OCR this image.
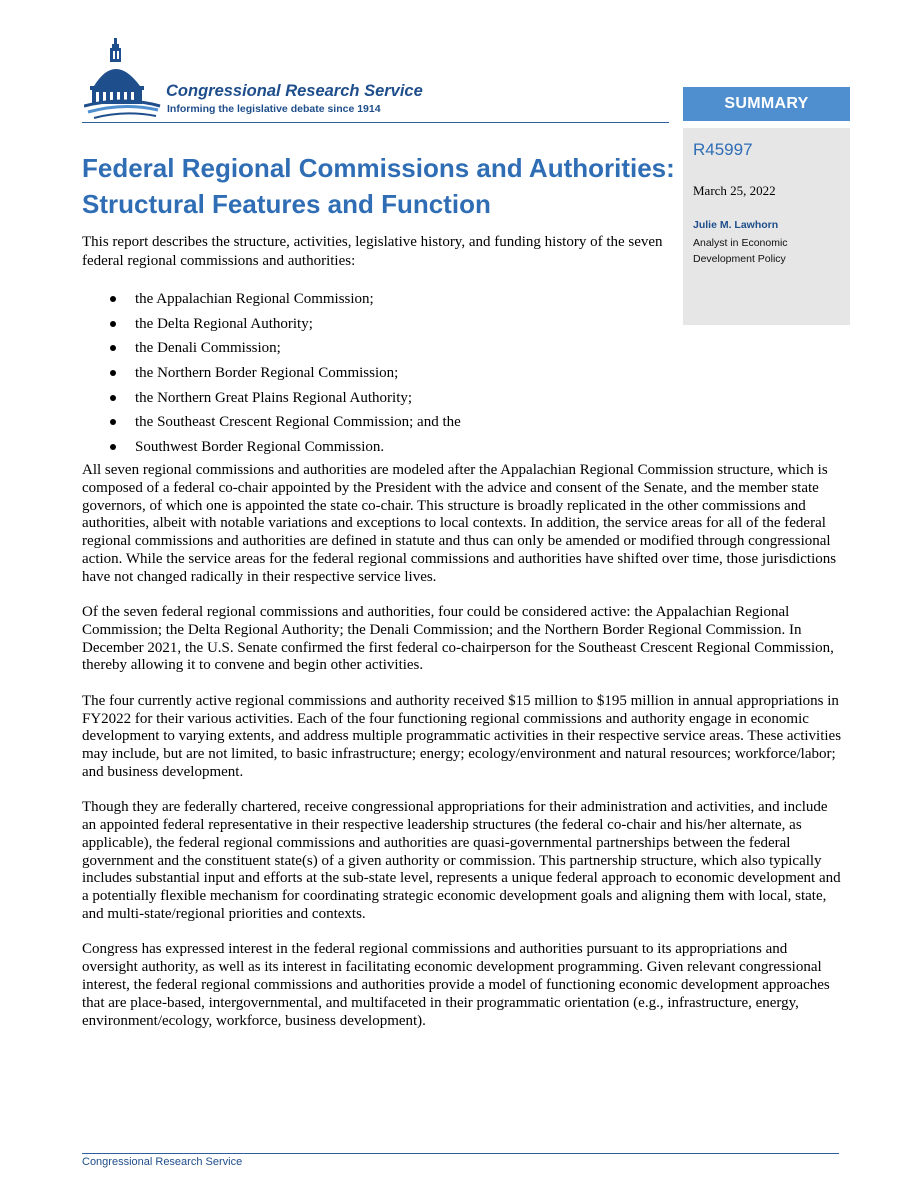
Congressional Research Service
Informing the legislative debate since 1914	SUMMARY
R45997
March 25, 2022
Julie M. Lawhorn
Analyst in Economic Development Policy
Federal Regional Commissions and Authorities:
Structural Features and Function
This report describes the structure, activities, legislative history, and funding history of the seven federal regional commissions and authorities:
the Appalachian Regional Commission;
the Delta Regional Authority;
the Denali Commission;
the Northern Border Regional Commission;
the Northern Great Plains Regional Authority;
the Southeast Crescent Regional Commission; and the
Southwest Border Regional Commission.

All seven regional commissions and authorities are modeled after the Appalachian Regional Commission structure, which is composed of a federal co-chair appointed by the President with the advice and consent of the Senate, and the member state governors, of which one is appointed the state co-chair. This structure is broadly replicated in the other commissions and authorities, albeit with notable variations and exceptions to local contexts. In addition, the service areas for all of the federal regional commissions and authorities are defined in statute and thus can only be amended or modified through congressional action. While the service areas for the federal regional commissions and authorities have shifted over time, those jurisdictions have not changed radically in their respective service lives.

Of the seven federal regional commissions and authorities, four could be considered active: the Appalachian Regional Commission; the Delta Regional Authority; the Denali Commission; and the Northern Border Regional Commission. In December 2021, the U.S. Senate confirmed the first federal co-chairperson for the Southeast Crescent Regional Commission, thereby allowing it to convene and begin other activities.

The four currently active regional commissions and authority received $15 million to $195 million in annual appropriations in FY2022 for their various activities. Each of the four functioning regional commissions and authority engage in economic development to varying extents, and address multiple programmatic activities in their respective service areas. These activities may include, but are not limited, to basic infrastructure; energy; ecology/environment and natural resources; workforce/labor; and business development.

Though they are federally chartered, receive congressional appropriations for their administration and activities, and include an appointed federal representative in their respective leadership structures (the federal co-chair and his/her alternate, as applicable), the federal regional commissions and authorities are quasi-governmental partnerships between the federal government and the constituent state(s) of a given authority or commission. This partnership structure, which also typically includes substantial input and efforts at the sub-state level, represents a unique federal approach to economic development and a potentially flexible mechanism for coordinating strategic economic development goals and aligning them with local, state, and multi-state/regional priorities and contexts.

Congress has expressed interest in the federal regional commissions and authorities pursuant to its appropriations and oversight authority, as well as its interest in facilitating economic development programming. Given relevant congressional interest, the federal regional commissions and authorities provide a model of functioning economic development approaches that are place-based, intergovernmental, and multifaceted in their programmatic orientation (e.g., infrastructure, energy, environment/ecology, workforce, business development).

Congressional Research Service
